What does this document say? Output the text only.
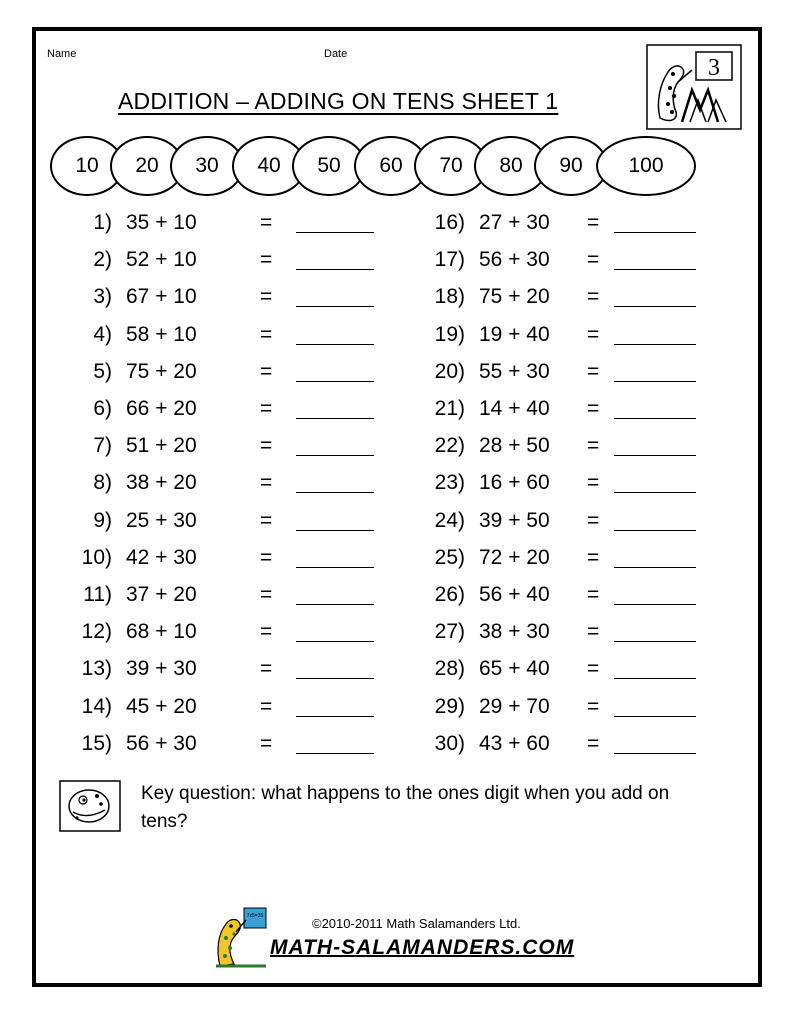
Name	Date
ADDITION – ADDING ON TENS SHEET 1
3
10	20	30	40	50	60	70	80	90	100
1) 35 + 10	=
2) 52 + 10	=
3) 67 + 10	=
4) 58 + 10	=
5) 75 + 20	=
6) 66 + 20	=
7) 51 + 20	=
8) 38 + 20	=
9) 25 + 30	=
10) 42 + 30	=
11) 37 + 20	=
12) 68 + 10	=
13) 39 + 30	=
14) 45 + 20	=
15) 56 + 30	=
16) 27 + 30 =
17) 56 + 30 =
18) 75 + 20 =
19) 19 + 40 =
20) 55 + 30 =
21) 14 + 40 =
22) 28 + 50 =
23) 16 + 60 =
24) 39 + 50 =
25) 72 + 20 =
26) 56 + 40 =
27) 38 + 30 =
28) 65 + 40 =
29) 29 + 70 =
30) 43 + 60 =
Key question: what happens to the ones digit when you add on
tens?
7x5=35	©2010-2011 Math Salamanders Ltd.
MATH-SALAMANDERS.COM
